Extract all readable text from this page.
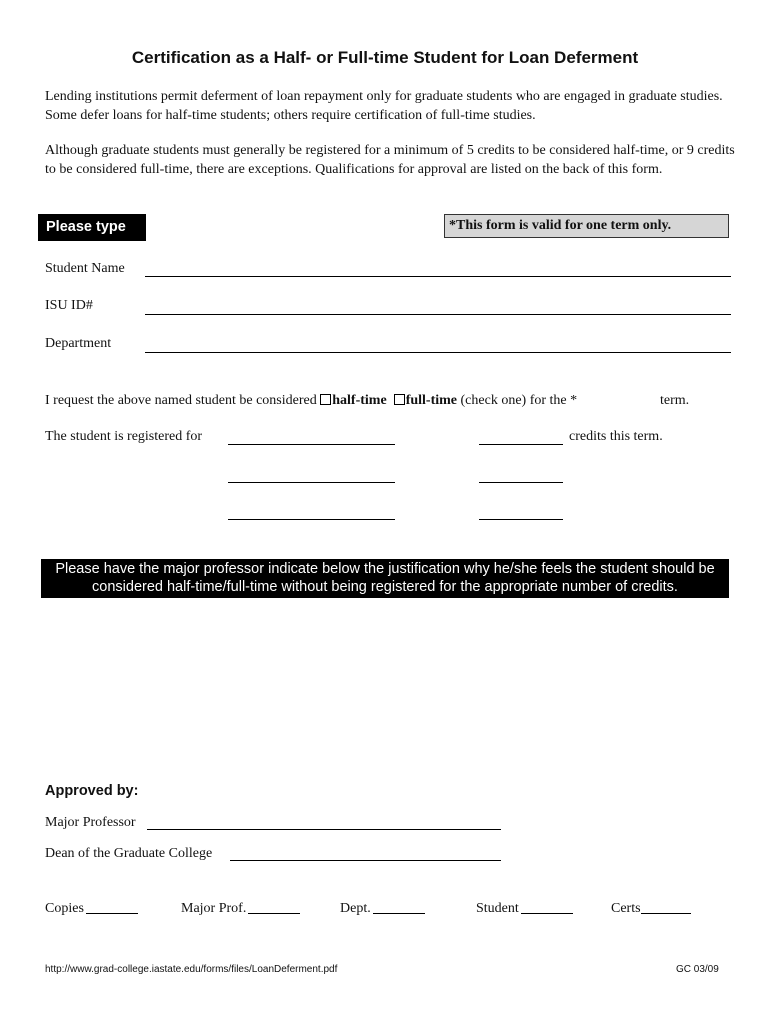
Certification as a Half- or Full-time Student for Loan Deferment
Lending institutions permit deferment of loan repayment only for graduate students who are engaged in graduate studies. Some defer loans for half-time students; others require certification of full-time studies.
Although graduate students must generally be registered for a minimum of 5 credits to be considered half-time, or 9 credits to be considered full-time, there are exceptions. Qualifications for approval are listed on the back of this form.
Please type	*This form is valid for one term only.
Student Name
ISU ID#
Department
I request the above named student be considered half-time full-time (check one) for the *	term.
The student is registered for	credits this term.
Please have the major professor indicate below the justification why he/she feels the student should be considered half-time/full-time without being registered for the appropriate number of credits.
Approved by:
Major Professor
Dean of the Graduate College
Copies	Major Prof.	Dept.	Student	Certs
http://www.grad-college.iastate.edu/forms/files/LoanDeferment.pdf	GC 03/09
